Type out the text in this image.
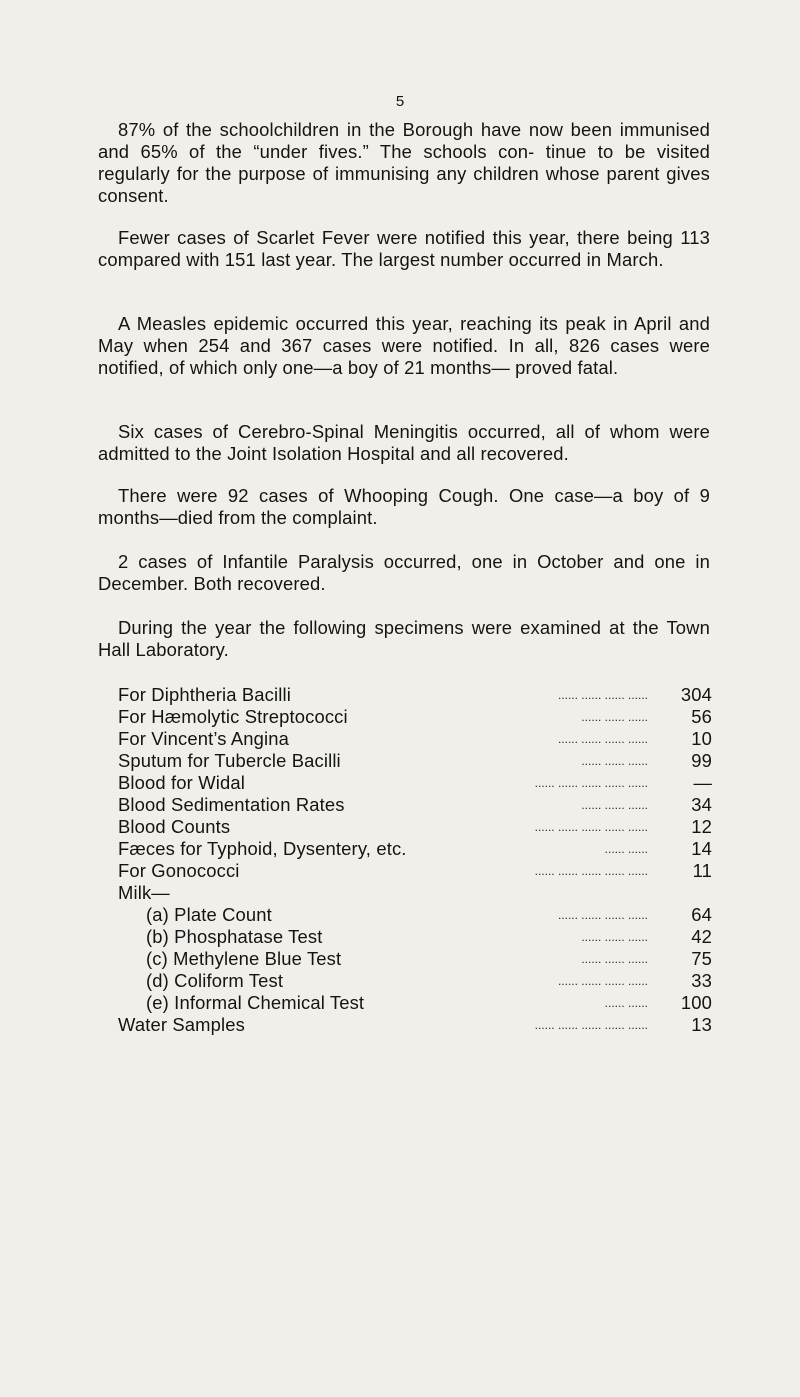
5

87% of the schoolchildren in the Borough have now been immunised and 65% of the “under fives.” The schools con- tinue to be visited regularly for the purpose of immunising any children whose parent gives consent.

Fewer cases of Scarlet Fever were notified this year, there being 113 compared with 151 last year. The largest number occurred in March.

A Measles epidemic occurred this year, reaching its peak in April and May when 254 and 367 cases were notified. In all, 826 cases were notified, of which only one—a boy of 21 months— proved fatal.

Six cases of Cerebro-Spinal Meningitis occurred, all of whom were admitted to the Joint Isolation Hospital and all recovered.

There were 92 cases of Whooping Cough. One case—a boy of 9 months—died from the complaint.

2 cases of Infantile Paralysis occurred, one in October and one in December. Both recovered.

During the year the following specimens were examined at the Town Hall Laboratory.

For Diphtheria Bacilli	...... ...... ...... ......	304
For Hæmolytic Streptococci	...... ...... ......	56
For Vincent’s Angina	...... ...... ...... ......	10
Sputum for Tubercle Bacilli	...... ...... ......	99
Blood for Widal	...... ...... ...... ...... ......	—
Blood Sedimentation Rates	...... ...... ......	34
Blood Counts	...... ...... ...... ...... ......	12
Fæces for Typhoid, Dysentery, etc.	...... ......	14
For Gonococci	...... ...... ...... ...... ......	11
Milk—
(a) Plate Count	...... ...... ...... ......	64
(b) Phosphatase Test	...... ...... ......	42
(c) Methylene Blue Test	...... ...... ......	75
(d) Coliform Test	...... ...... ...... ......	33
(e) Informal Chemical Test	...... ......	100
Water Samples	...... ...... ...... ...... ......	13
